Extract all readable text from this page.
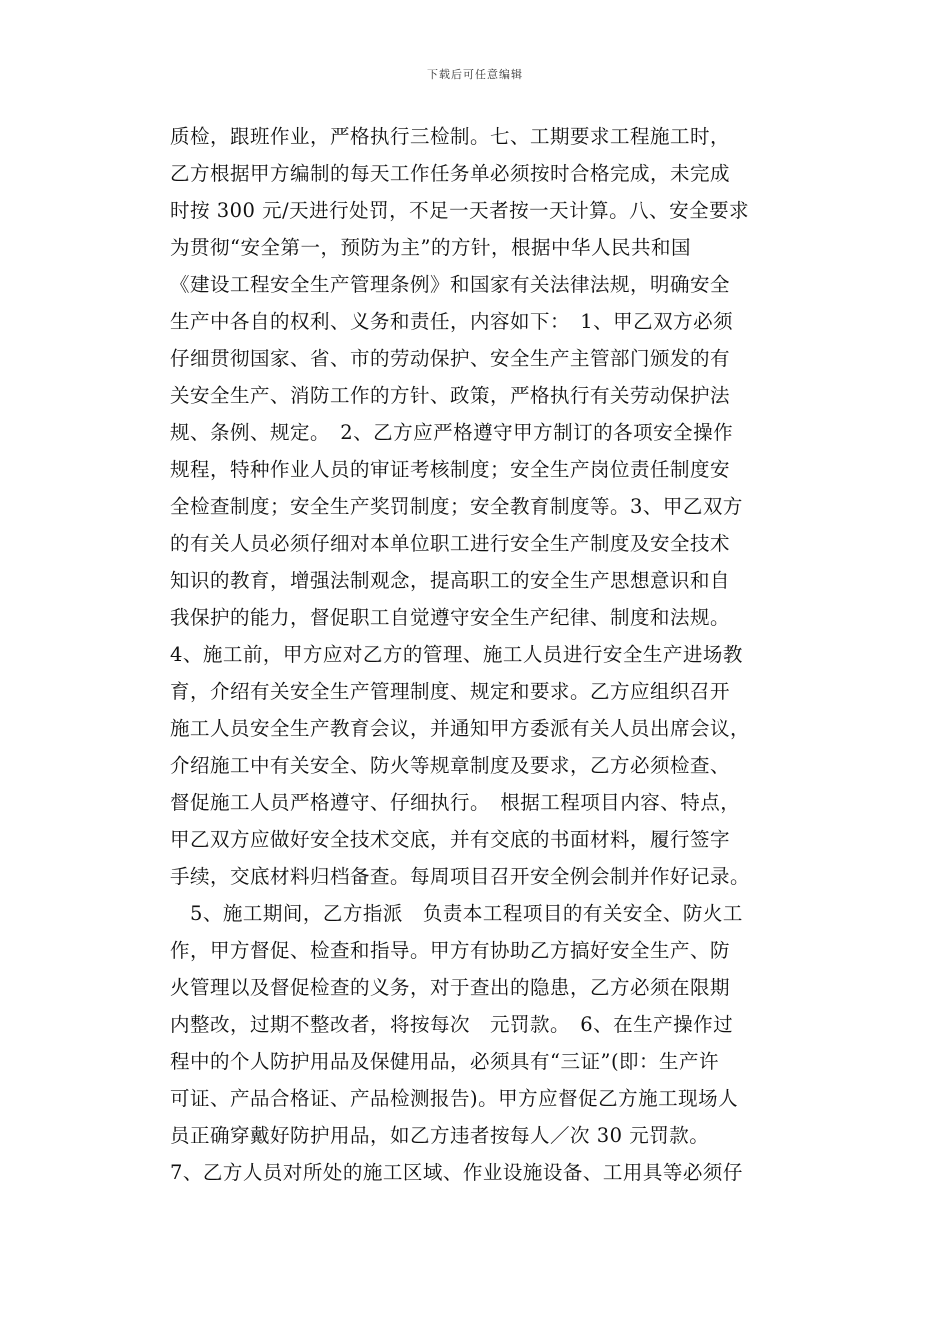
下载后可任意编辑
质检，跟班作业，严格执行三检制。七、工期要求工程施工时，
乙方根据甲方编制的每天工作任务单必须按时合格完成，未完成
时按 300 元/天进行处罚，不足一天者按一天计算。八、安全要求
为贯彻“安全第一，预防为主”的方针，根据中华人民共和国
《建设工程安全生产管理条例》和国家有关法律法规，明确安全
生产中各自的权利、义务和责任，内容如下：　1、甲乙双方必须
仔细贯彻国家、省、市的劳动保护、安全生产主管部门颁发的有
关安全生产、消防工作的方针、政策，严格执行有关劳动保护法
规、条例、规定。　2、乙方应严格遵守甲方制订的各项安全操作
规程，特种作业人员的审证考核制度；安全生产岗位责任制度安
全检查制度；安全生产奖罚制度；安全教育制度等。3、甲乙双方
的有关人员必须仔细对本单位职工进行安全生产制度及安全技术
知识的教育，增强法制观念，提高职工的安全生产思想意识和自
我保护的能力，督促职工自觉遵守安全生产纪律、制度和法规。
4、施工前，甲方应对乙方的管理、施工人员进行安全生产进场教
育，介绍有关安全生产管理制度、规定和要求。乙方应组织召开
施工人员安全生产教育会议，并通知甲方委派有关人员出席会议，
介绍施工中有关安全、防火等规章制度及要求，乙方必须检查、
督促施工人员严格遵守、仔细执行。　根据工程项目内容、特点，
甲乙双方应做好安全技术交底，并有交底的书面材料，履行签字
手续，交底材料归档备查。每周项目召开安全例会制并作好记录。
　5、施工期间，乙方指派　负责本工程项目的有关安全、防火工
作，甲方督促、检查和指导。甲方有协助乙方搞好安全生产、防
火管理以及督促检查的义务，对于查出的隐患，乙方必须在限期
内整改，过期不整改者，将按每次　元罚款。　6、在生产操作过
程中的个人防护用品及保健用品，必须具有“三证”(即：生产许
可证、产品合格证、产品检测报告)。甲方应督促乙方施工现场人
员正确穿戴好防护用品，如乙方违者按每人／次 30 元罚款。
7、乙方人员对所处的施工区域、作业设施设备、工用具等必须仔
